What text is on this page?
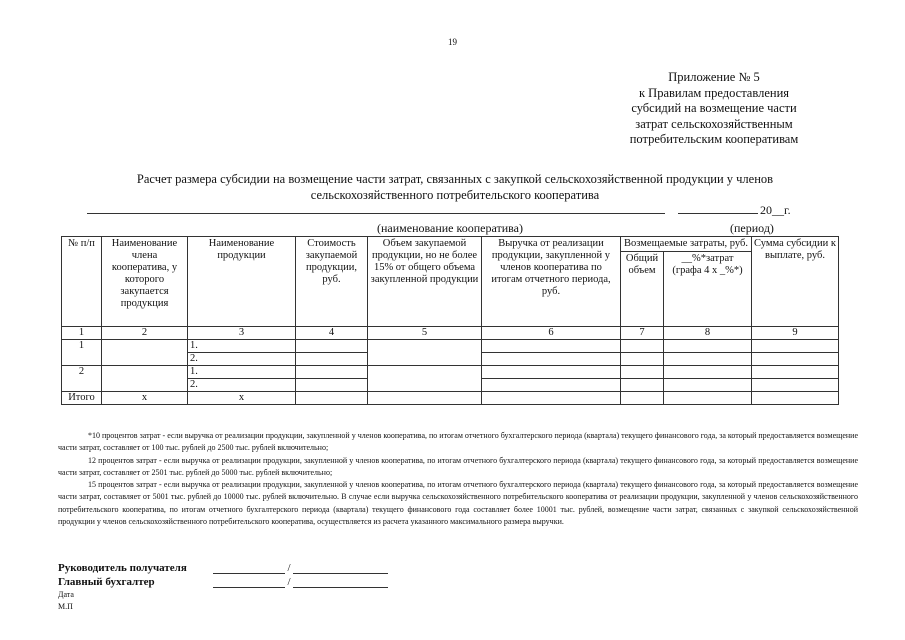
19
Приложение № 5
к Правилам предоставления
субсидий на возмещение части
затрат сельскохозяйственным
потребительским кооперативам
Расчет размера субсидии на возмещение части затрат, связанных с закупкой сельскохозяйственной продукции у членов
сельскохозяйственного потребительского кооператива
20__г.
(наименование кооператива)	(период)
№ п/п	Наименование члена кооператива, у которого закупается продукция	Наименование продукции	Стоимость закупаемой продукции, руб.	Объем закупаемой продукции, но не более 15% от общего объема закупленной продукции	Выручка от реализации продукции, закупленной у членов кооператива по итогам отчетного периода, руб.	Возмещаемые затраты, руб.		Сумма субсидии к выплате, руб.
						Общий объем	__%*затрат (графа 4 х _%*)	
1	2	3	4	5	6	7	8	9
1		1.						
		2.						
2		1.						
		2.						
Итого	х	х						

*10 процентов затрат - если выручка от реализации продукции, закупленной у членов кооператива, по итогам отчетного бухгалтерского периода (квартала) текущего финансового года, за который предоставляется возмещение части затрат, составляет от 100 тыс. рублей до 2500 тыс. рублей включительно;

12 процентов затрат - если выручка от реализации продукции, закупленной у членов кооператива, по итогам отчетного бухгалтерского периода (квартала) текущего финансового года, за который предоставляется возмещение части затрат, составляет от 2501 тыс. рублей до 5000 тыс. рублей включительно;

15 процентов затрат - если выручка от реализации продукции, закупленной у членов кооператива, по итогам отчетного бухгалтерского периода (квартала) текущего финансового года, за который предоставляется возмещение части затрат, составляет от 5001 тыс. рублей до 10000 тыс. рублей включительно. В случае если выручка сельскохозяйственного потребительского кооператива от реализации продукции, закупленной у членов сельскохозяйственного потребительского кооператива, по итогам отчетного бухгалтерского периода (квартала) текущего финансового года составляет более 10001 тыс. рублей, возмещение части затрат, связанных с закупкой сельскохозяйственной продукции у членов сельскохозяйственного потребительского кооператива, осуществляется из расчета указанного максимального размера выручки.

Руководитель получателя	/
Главный бухгалтер	/
Дата
М.П
